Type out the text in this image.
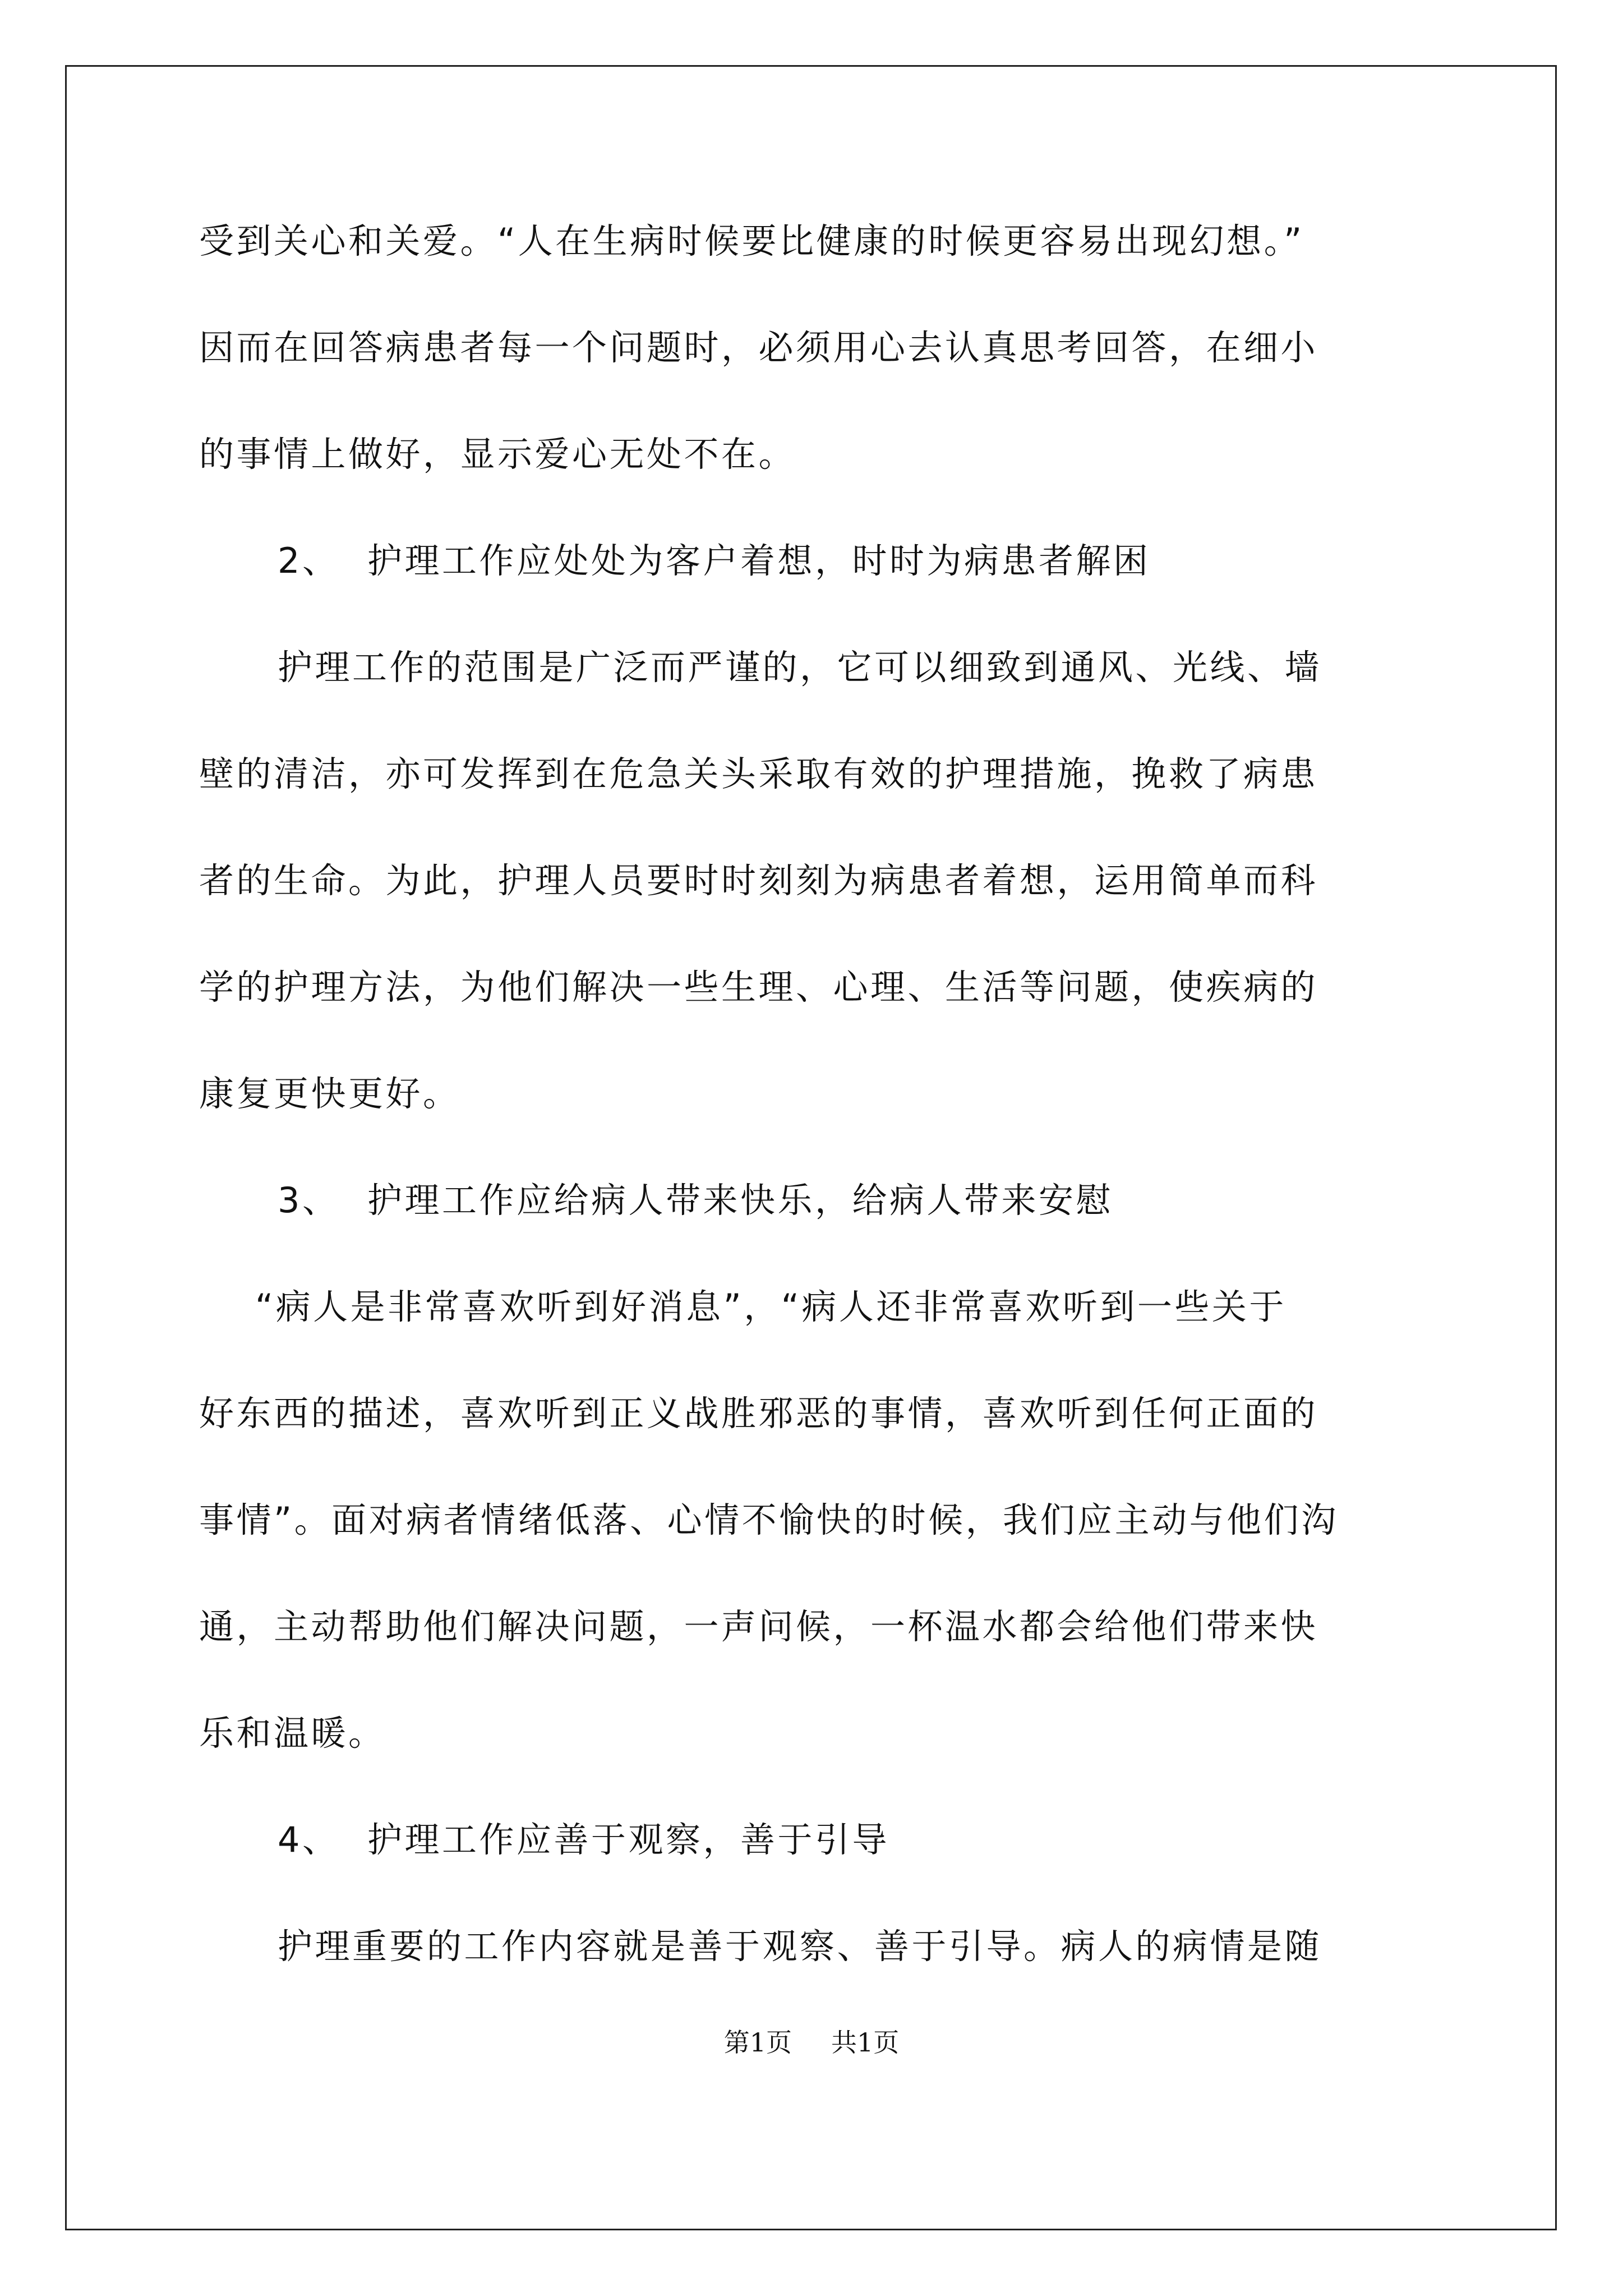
受到关心和关爱。“人在生病时候要比健康的时候更容易出现幻想。”
因而在回答病患者每一个问题时，必须用心去认真思考回答，在细小
的事情上做好，显示爱心无处不在。
2、 护理工作应处处为客户着想，时时为病患者解困
护理工作的范围是广泛而严谨的，它可以细致到通风、光线、墙
壁的清洁，亦可发挥到在危急关头采取有效的护理措施，挽救了病患
者的生命。为此，护理人员要时时刻刻为病患者着想，运用简单而科
学的护理方法，为他们解决一些生理、心理、生活等问题，使疾病的
康复更快更好。
3、 护理工作应给病人带来快乐，给病人带来安慰
“病人是非常喜欢听到好消息”，“病人还非常喜欢听到一些关于
好东西的描述，喜欢听到正义战胜邪恶的事情，喜欢听到任何正面的
事情”。面对病者情绪低落、心情不愉快的时候，我们应主动与他们沟
通，主动帮助他们解决问题，一声问候，一杯温水都会给他们带来快
乐和温暖。
4、 护理工作应善于观察，善于引导
护理重要的工作内容就是善于观察、善于引导。病人的病情是随
第1页 共1页
